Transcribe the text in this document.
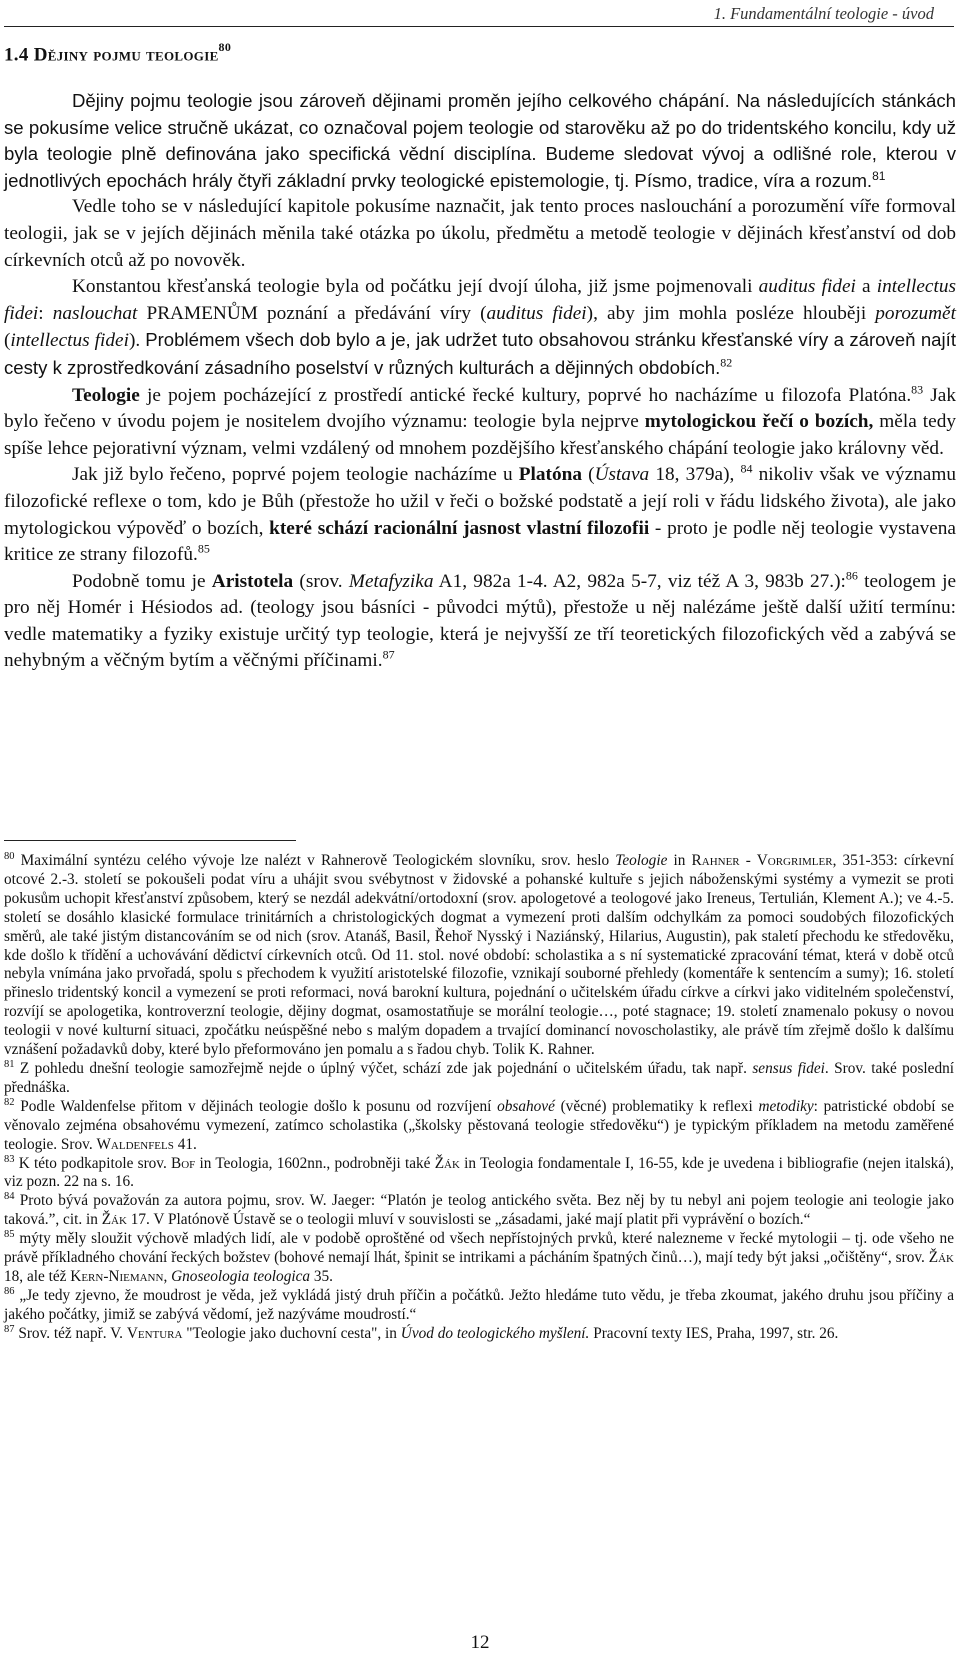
1. Fundamentální teologie - úvod
1.4 Dějiny pojmu teologie$^{80}$

Dějiny pojmu teologie jsou zároveň dějinami proměn jejího celkového chápání. Na následujících stánkách se pokusíme velice stručně ukázat, co označoval pojem teologie od starověku až po do tridentského koncilu, kdy už byla teologie plně definována jako specifická vědní disciplína. Budeme sledovat vývoj a odlišné role, kterou v jednotlivých epochách hrály čtyři základní prvky teologické epistemologie, tj. Písmo, tradice, víra a rozum.$^{81}$

Vedle toho se v následující kapitole pokusíme naznačit, jak tento proces naslouchání a porozumění víře formoval teologii, jak se v jejích dějinách měnila také otázka po úkolu, předmětu a metodě teologie v dějinách křesťanství od dob církevních otců až po novověk.

Konstantou křesťanská teologie byla od počátku její dvojí úloha, již jsme pojmenovali auditus fidei a intellectus fidei: naslouchat PRAMENŮM poznání a předávání víry (auditus fidei), aby jim mohla posléze hlouběji porozumět (intellectus fidei). Problémem všech dob bylo a je, jak udržet tuto obsahovou stránku křesťanské víry a zároveň najít cesty k zprostředkování zásadního poselství v různých kulturách a dějinných obdobích.$^{82}$

Teologie je pojem pocházející z prostředí antické řecké kultury, poprvé ho nacházíme u filozofa Platóna.$^{83}$ Jak bylo řečeno v úvodu pojem je nositelem dvojího významu: teologie byla nejprve mytologickou řečí o bozích, měla tedy spíše lehce pejorativní význam, velmi vzdálený od mnohem pozdějšího křesťanského chápání teologie jako královny věd.

Jak již bylo řečeno, poprvé pojem teologie nacházíme u Platóna (Ústava 18, 379a), $^{84}$ nikoliv však ve významu filozofické reflexe o tom, kdo je Bůh (přestože ho užil v řeči o božské podstatě a její roli v řádu lidského života), ale jako mytologickou výpověď o bozích, které schází racionální jasnost vlastní filozofii - proto je podle něj teologie vystavena kritice ze strany filozofů.$^{85}$

Podobně tomu je Aristotela (srov. Metafyzika A1, 982a 1-4. A2, 982a 5-7, viz též A 3, 983b 27.):$^{86}$ teologem je pro něj Homér i Hésiodos ad. (teology jsou básníci - původci mýtů), přestože u něj nalézáme ještě další užití termínu: vedle matematiky a fyziky existuje určitý typ teologie, která je nejvyšší ze tří teoretických filozofických věd a zabývá se nehybným a věčným bytím a věčnými příčinami.$^{87}$

$^{80}$ Maximální syntézu celého vývoje lze nalézt v Rahnerově Teologickém slovníku, srov. heslo Teologie in Rahner - Vorgrimler, 351-353: církevní otcové 2.-3. století se pokoušeli podat víru a uhájit svou svébytnost v židovské a pohanské kultuře s jejich náboženskými systémy a vymezit se proti pokusům uchopit křesťanství způsobem, který se nezdál adekvátní/ortodoxní (srov. apologetové a teologové jako Ireneus, Tertulián, Klement A.); ve 4.-5. století se dosáhlo klasické formulace trinitárních a christologických dogmat a vymezení proti dalším odchylkám za pomoci soudobých filozofických směrů, ale také jistým distancováním se od nich (srov. Atanáš, Basil, Řehoř Nysský i Naziánský, Hilarius, Augustin), pak staletí přechodu ke středověku, kde došlo k třídění a uchovávání dědictví církevních otců. Od 11. stol. nové období: scholastika a s ní systematické zpracování témat, která v době otců nebyla vnímána jako prvořadá, spolu s přechodem k využití aristotelské filozofie, vznikají souborné přehledy (komentáře k sentencím a sumy); 16. století přineslo tridentský koncil a vymezení se proti reformaci, nová barokní kultura, pojednání o učitelském úřadu církve a církvi jako viditelném společenství, rozvíjí se apologetika, kontroverzní teologie, dějiny dogmat, osamostatňuje se morální teologie…, poté stagnace; 19. století znamenalo pokusy o novou teologii v nové kulturní situaci, zpočátku neúspěšné nebo s malým dopadem a trvající dominancí novoscholastiky, ale právě tím zřejmě došlo k dalšímu vznášení požadavků doby, které bylo přeformováno jen pomalu a s řadou chyb. Tolik K. Rahner.

$^{81}$ Z pohledu dnešní teologie samozřejmě nejde o úplný výčet, schází zde jak pojednání o učitelském úřadu, tak např. sensus fidei. Srov. také poslední přednáška.

$^{82}$ Podle Waldenfelse přitom v dějinách teologie došlo k posunu od rozvíjení obsahové (věcné) problematiky k reflexi metodiky: patristické období se věnovalo zejména obsahovému vymezení, zatímco scholastika („školsky pěstovaná teologie středověku“) je typickým příkladem na metodu zaměřené teologie. Srov. Waldenfels 41.

$^{83}$ K této podkapitole srov. Bof in Teologia, 1602nn., podrobněji také Žák in Teologia fondamentale I, 16-55, kde je uvedena i bibliografie (nejen italská), viz pozn. 22 na s. 16.

$^{84}$ Proto bývá považován za autora pojmu, srov. W. Jaeger: “Platón je teolog antického světa. Bez něj by tu nebyl ani pojem teologie ani teologie jako taková.”, cit. in Žák 17. V Platónově Ústavě se o teologii mluví v souvislosti se „zásadami, jaké mají platit při vyprávění o bozích.“

$^{85}$ mýty měly sloužit výchově mladých lidí, ale v podobě oproštěné od všech nepřístojných prvků, které nalezneme v řecké mytologii – tj. ode všeho ne právě příkladného chování řeckých božstev (bohové nemají lhát, špinit se intrikami a pácháním špatných činů…), mají tedy být jaksi „očištěny“, srov. Žák 18, ale též Kern-Niemann, Gnoseologia teologica 35.

$^{86}$ „Je tedy zjevno, že moudrost je věda, jež vykládá jistý druh příčin a počátků. Ježto hledáme tuto vědu, je třeba zkoumat, jakého druhu jsou příčiny a jakého počátky, jimiž se zabývá vědomí, jež nazýváme moudrostí.“

$^{87}$ Srov. též např. V. Ventura "Teologie jako duchovní cesta", in Úvod do teologického myšlení. Pracovní texty IES, Praha, 1997, str. 26.

12
